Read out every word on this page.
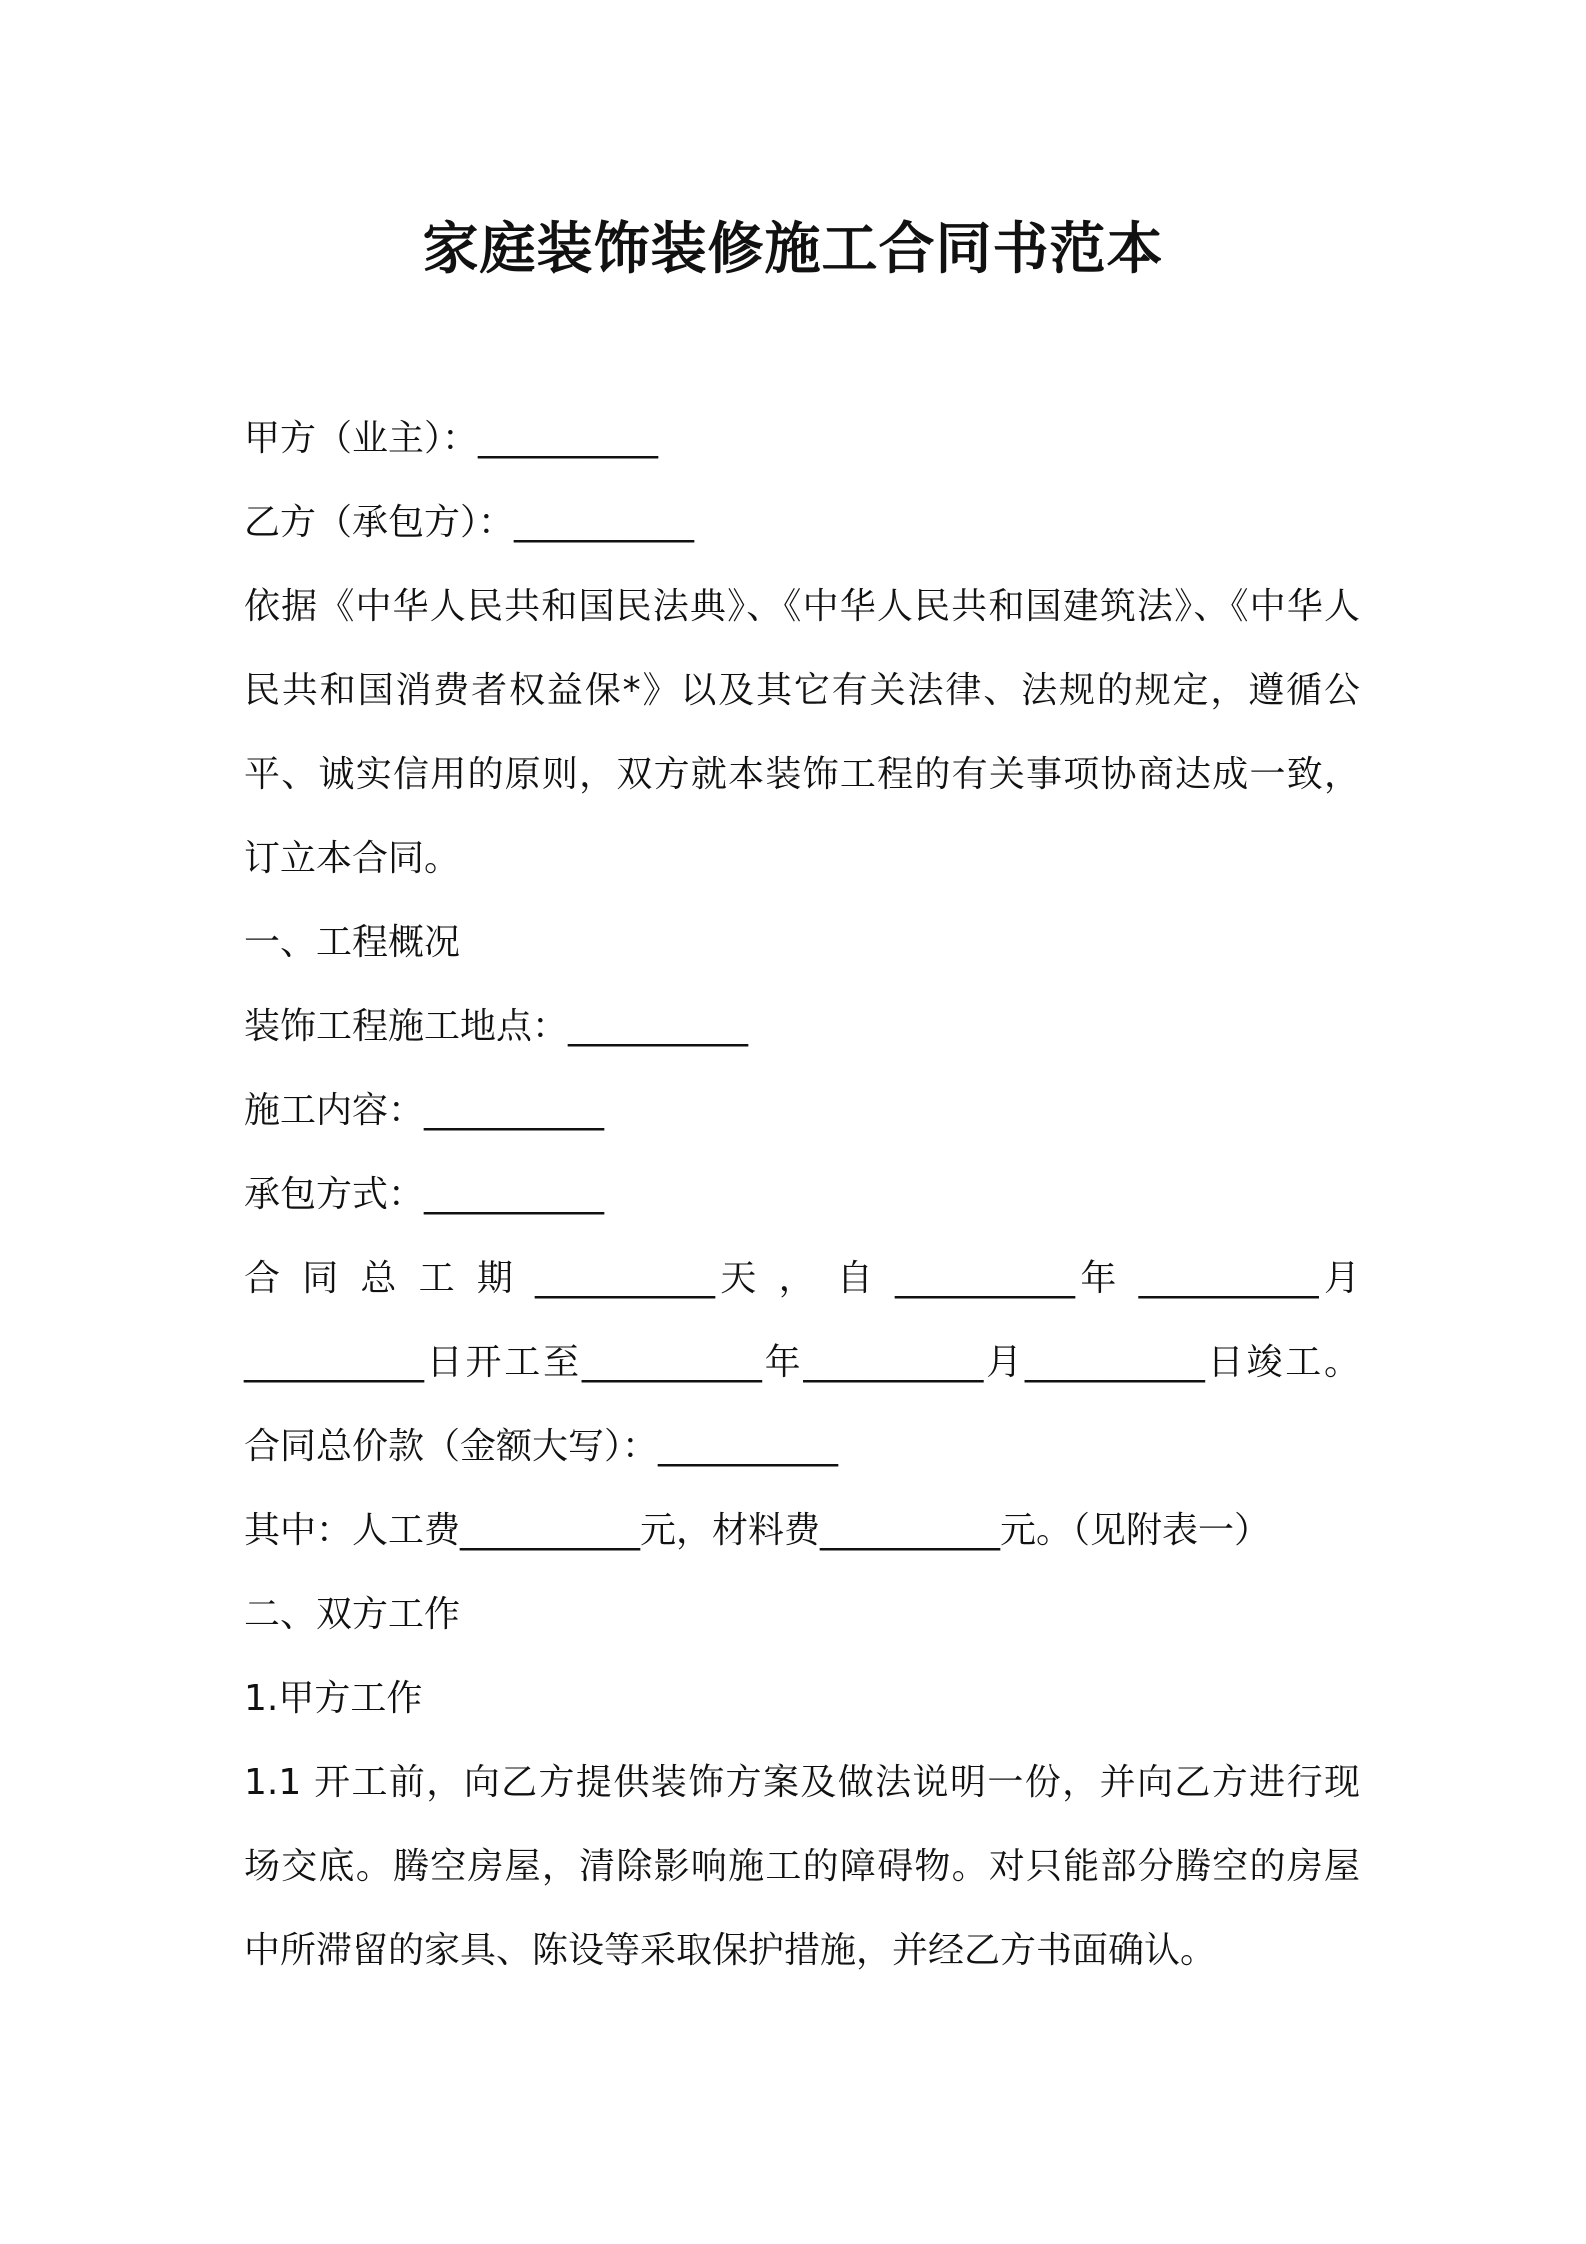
家庭装饰装修施工合同书范本

甲方（业主）：__________

乙方（承包方）：__________

依据《中华人民共和国民法典》、《中华人民共和国建筑法》、《中华人

民共和国消费者权益保*》以及其它有关法律、法规的规定，遵循公

平、诚实信用的原则，双方就本装饰工程的有关事项协商达成一致，

订立本合同。

一、工程概况

装饰工程施工地点：__________

施工内容：__________

承包方式：__________

合 同 总 工 期 __________天 ， 自 __________年 __________月

__________日开工至__________年__________月__________日竣工。

合同总价款（金额大写）：__________

其中：人工费__________元，材料费__________元。（见附表一）

二、双方工作

1.甲方工作

1.1 开工前，向乙方提供装饰方案及做法说明一份，并向乙方进行现

场交底。腾空房屋，清除影响施工的障碍物。对只能部分腾空的房屋

中所滞留的家具、陈设等采取保护措施，并经乙方书面确认。
